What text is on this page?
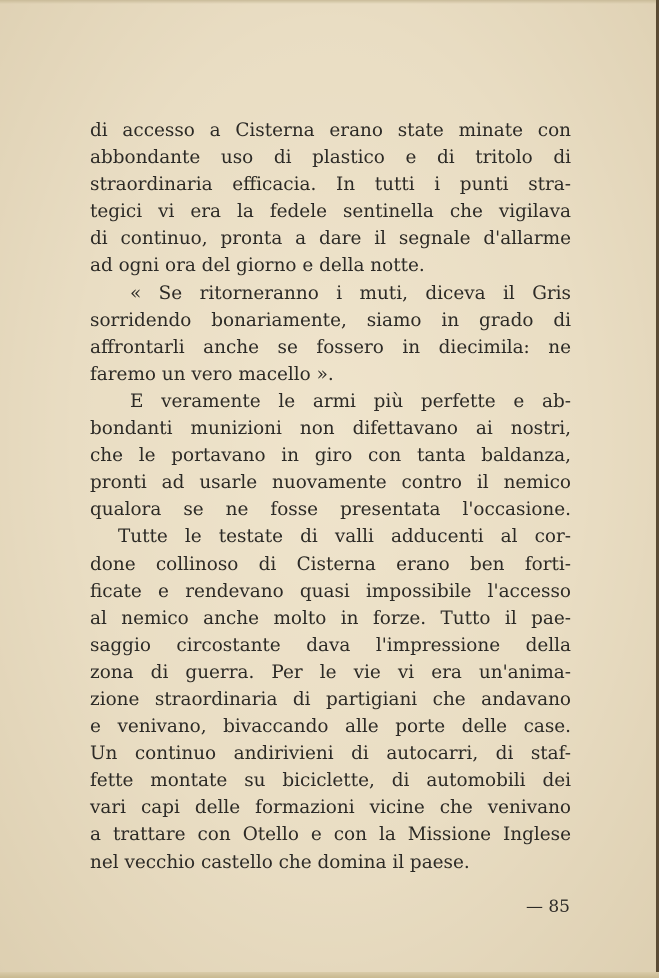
di accesso a Cisterna erano state minate con
abbondante uso di plastico e di tritolo di
straordinaria efficacia. In tutti i punti stra-
tegici vi era la fedele sentinella che vigilava
di continuo, pronta a dare il segnale d'allarme
ad ogni ora del giorno e della notte.
« Se ritorneranno i muti, diceva il Gris
sorridendo bonariamente, siamo in grado di
affrontarli anche se fossero in diecimila: ne
faremo un vero macello ».
E veramente le armi più perfette e ab-
bondanti munizioni non difettavano ai nostri,
che le portavano in giro con tanta baldanza,
pronti ad usarle nuovamente contro il nemico
qualora se ne fosse presentata l'occasione.
Tutte le testate di valli adducenti al cor-
done collinoso di Cisterna erano ben forti-
ficate e rendevano quasi impossibile l'accesso
al nemico anche molto in forze. Tutto il pae-
saggio circostante dava l'impressione della
zona di guerra. Per le vie vi era un'anima-
zione straordinaria di partigiani che andavano
e venivano, bivaccando alle porte delle case.
Un continuo andirivieni di autocarri, di staf-
fette montate su biciclette, di automobili dei
vari capi delle formazioni vicine che venivano
a trattare con Otello e con la Missione Inglese
nel vecchio castello che domina il paese.
— 85
